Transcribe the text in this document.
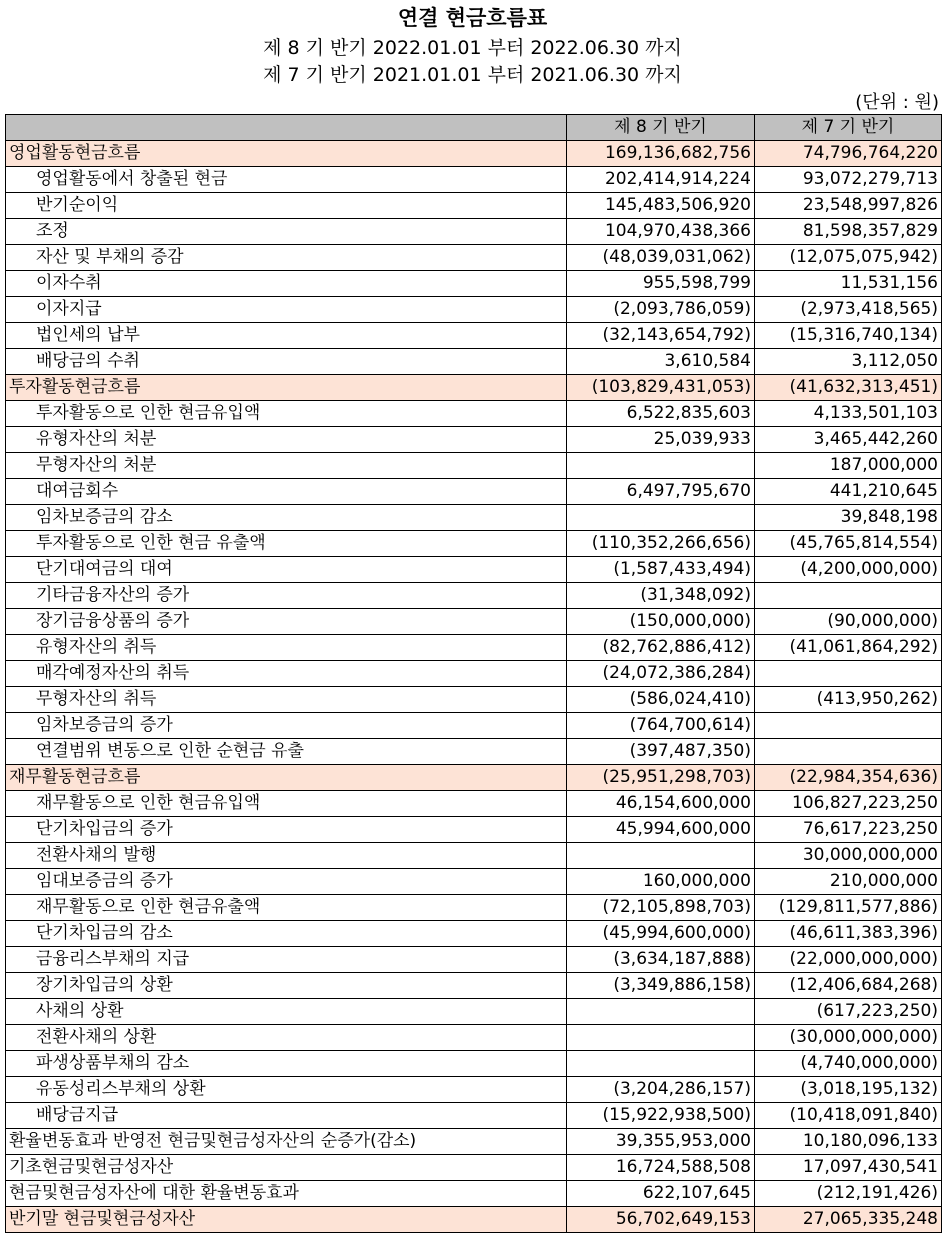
연결 현금흐름표
제 8 기 반기 2022.01.01 부터 2022.06.30 까지
제 7 기 반기 2021.01.01 부터 2021.06.30 까지
(단위 : 원)
	제 8 기 반기	제 7 기 반기
영업활동현금흐름	169,136,682,756	74,796,764,220
영업활동에서 창출된 현금	202,414,914,224	93,072,279,713
반기순이익	145,483,506,920	23,548,997,826
조정	104,970,438,366	81,598,357,829
자산 및 부채의 증감	(48,039,031,062)	(12,075,075,942)
이자수취	955,598,799	11,531,156
이자지급	(2,093,786,059)	(2,973,418,565)
법인세의 납부	(32,143,654,792)	(15,316,740,134)
배당금의 수취	3,610,584	3,112,050
투자활동현금흐름	(103,829,431,053)	(41,632,313,451)
투자활동으로 인한 현금유입액	6,522,835,603	4,133,501,103
유형자산의 처분	25,039,933	3,465,442,260
무형자산의 처분		187,000,000
대여금회수	6,497,795,670	441,210,645
임차보증금의 감소		39,848,198
투자활동으로 인한 현금 유출액	(110,352,266,656)	(45,765,814,554)
단기대여금의 대여	(1,587,433,494)	(4,200,000,000)
기타금융자산의 증가	(31,348,092)	
장기금융상품의 증가	(150,000,000)	(90,000,000)
유형자산의 취득	(82,762,886,412)	(41,061,864,292)
매각예정자산의 취득	(24,072,386,284)	
무형자산의 취득	(586,024,410)	(413,950,262)
임차보증금의 증가	(764,700,614)	
연결범위 변동으로 인한 순현금 유출	(397,487,350)	
재무활동현금흐름	(25,951,298,703)	(22,984,354,636)
재무활동으로 인한 현금유입액	46,154,600,000	106,827,223,250
단기차입금의 증가	45,994,600,000	76,617,223,250
전환사채의 발행		30,000,000,000
임대보증금의 증가	160,000,000	210,000,000
재무활동으로 인한 현금유출액	(72,105,898,703)	(129,811,577,886)
단기차입금의 감소	(45,994,600,000)	(46,611,383,396)
금융리스부채의 지급	(3,634,187,888)	(22,000,000,000)
장기차입금의 상환	(3,349,886,158)	(12,406,684,268)
사채의 상환		(617,223,250)
전환사채의 상환		(30,000,000,000)
파생상품부채의 감소		(4,740,000,000)
유동성리스부채의 상환	(3,204,286,157)	(3,018,195,132)
배당금지급	(15,922,938,500)	(10,418,091,840)
환율변동효과 반영전 현금및현금성자산의 순증가(감소)	39,355,953,000	10,180,096,133
기초현금및현금성자산	16,724,588,508	17,097,430,541
현금및현금성자산에 대한 환율변동효과	622,107,645	(212,191,426)
반기말 현금및현금성자산	56,702,649,153	27,065,335,248
